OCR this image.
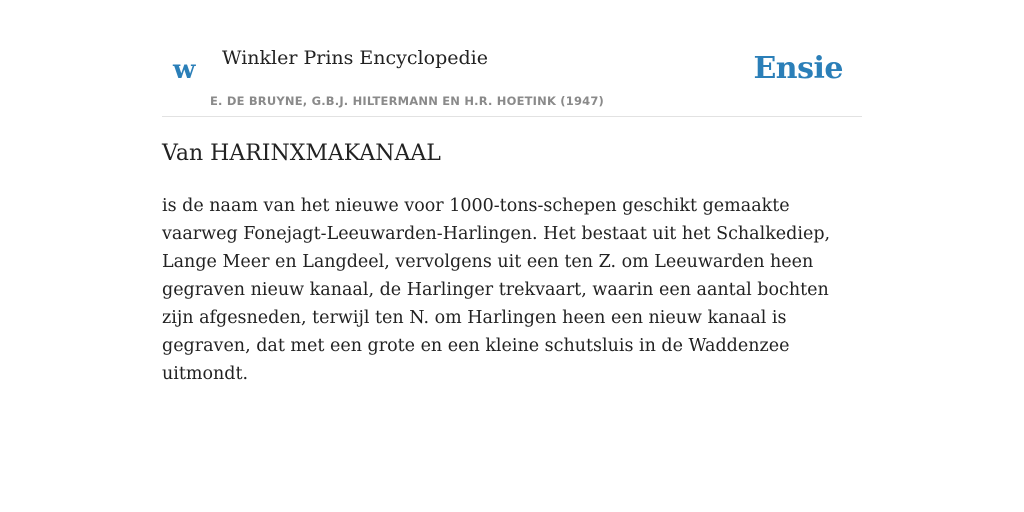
w Winkler Prins Encyclopedie
E. DE BRUYNE, G.B.J. HILTERMANN EN H.R. HOETINK (1947)
Ensie
Van HARINXMAKANAAL

is de naam van het nieuwe voor 1000-tons-schepen geschikt gemaakte vaarweg Fonejagt-Leeuwarden-Harlingen. Het bestaat uit het Schalkediep, Lange Meer en Langdeel, vervolgens uit een ten Z. om Leeuwarden heen gegraven nieuw kanaal, de Harlinger trekvaart, waarin een aantal bochten zijn afgesneden, terwijl ten N. om Harlingen heen een nieuw kanaal is gegraven, dat met een grote en een kleine schutsluis in de Waddenzee uitmondt.
